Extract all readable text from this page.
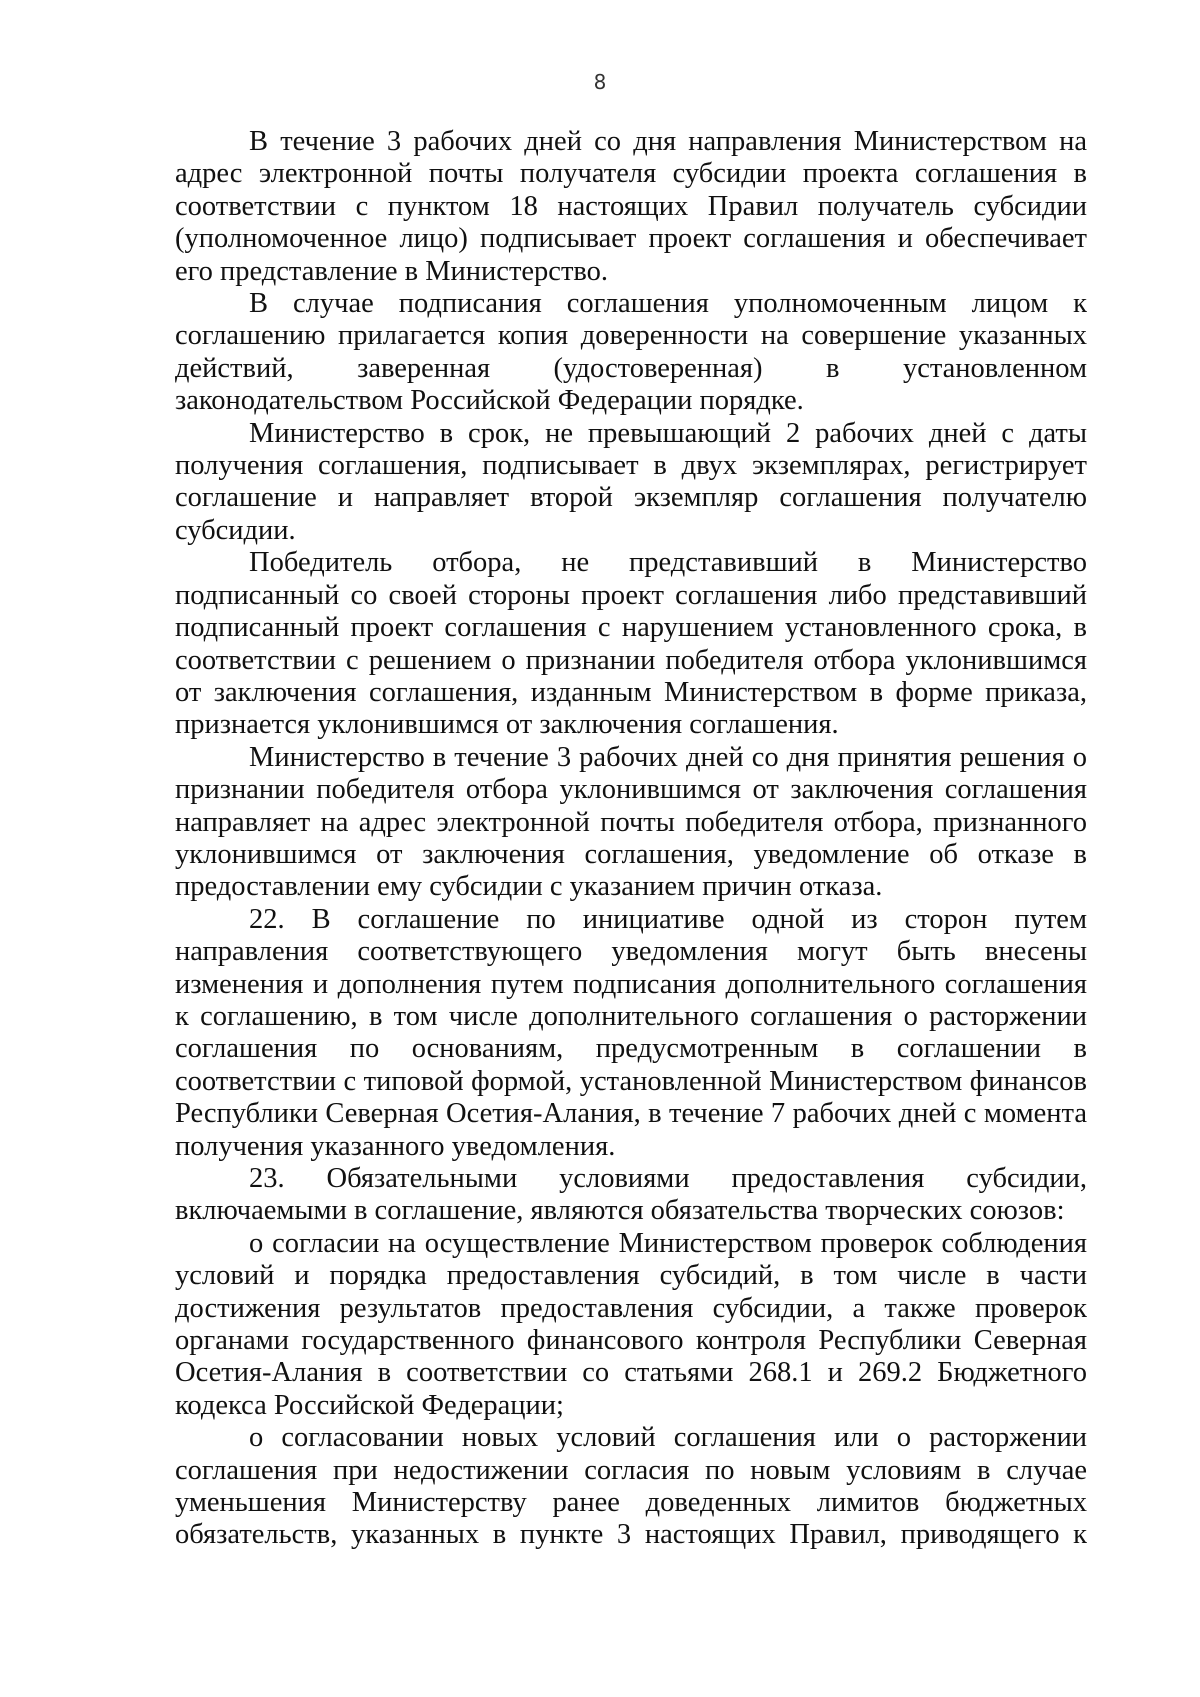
8

В течение 3 рабочих дней со дня направления Министерством на адрес электронной почты получателя субсидии проекта соглашения в соответствии с пунктом 18 настоящих Правил получатель субсидии (уполномоченное лицо) подписывает проект соглашения и обеспечивает его представление в Министерство.

В случае подписания соглашения уполномоченным лицом к соглашению прилагается копия доверенности на совершение указанных действий, заверенная (удостоверенная) в установленном законодательством Российской Федерации порядке.

Министерство в срок, не превышающий 2 рабочих дней с даты получения соглашения, подписывает в двух экземплярах, регистрирует соглашение и направляет второй экземпляр соглашения получателю субсидии.

Победитель отбора, не представивший в Министерство подписанный со своей стороны проект соглашения либо представивший подписанный проект соглашения с нарушением установленного срока, в соответствии с решением о признании победителя отбора уклонившимся от заключения соглашения, изданным Министерством в форме приказа, признается уклонившимся от заключения соглашения.

Министерство в течение 3 рабочих дней со дня принятия решения о признании победителя отбора уклонившимся от заключения соглашения направляет на адрес электронной почты победителя отбора, признанного уклонившимся от заключения соглашения, уведомление об отказе в предоставлении ему субсидии с указанием причин отказа.

22. В соглашение по инициативе одной из сторон путем направления соответствующего уведомления могут быть внесены изменения и дополнения путем подписания дополнительного соглашения к соглашению, в том числе дополнительного соглашения о расторжении соглашения по основаниям, предусмотренным в соглашении в соответствии с типовой формой, установленной Министерством финансов Республики Северная Осетия-Алания, в течение 7 рабочих дней с момента получения указанного уведомления.

23. Обязательными условиями предоставления субсидии, включаемыми в соглашение, являются обязательства творческих союзов:

о согласии на осуществление Министерством проверок соблюдения условий и порядка предоставления субсидий, в том числе в части достижения результатов предоставления субсидии, а также проверок органами государственного финансового контроля Республики Северная Осетия-Алания в соответствии со статьями 268.1 и 269.2 Бюджетного кодекса Российской Федерации;

о согласовании новых условий соглашения или о расторжении соглашения при недостижении согласия по новым условиям в случае уменьшения Министерству ранее доведенных лимитов бюджетных обязательств, указанных в пункте 3 настоящих Правил, приводящего к
